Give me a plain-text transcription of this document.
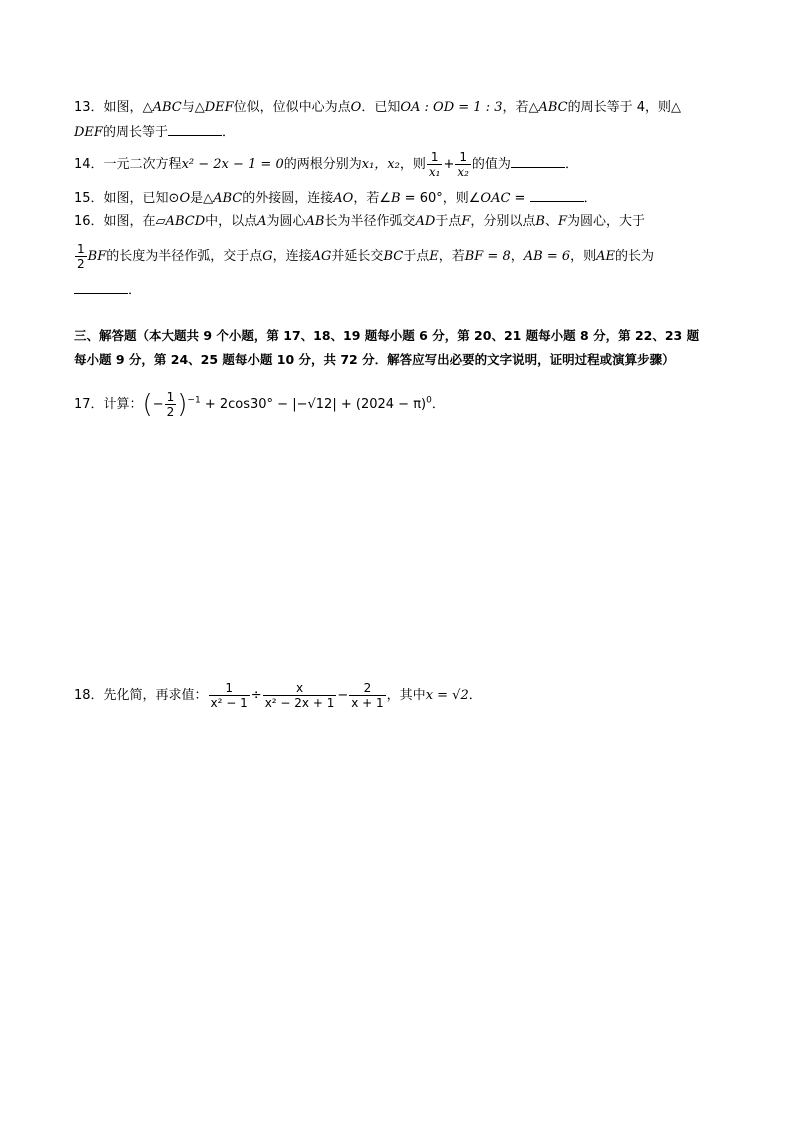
13．如图，△ABC与△DEF位似，位似中心为点O．已知OA : OD = 1 : 3，若△ABC的周长等于 4，则△
DEF的周长等于	．
14．一元二次方程x² − 2x − 1 = 0的两根分别为x₁，x₂，则 $\frac{1}{\text{x₁}} + \frac{1}{\text{x₂}}$ 的值为	．
15．如图，已知⊙O是△ABC的外接圆，连接AO，若∠B = 60°，则∠OAC =	．
16．如图，在▱ABCD中，以点A为圆心AB长为半径作弧交AD于点F，分别以点B、F为圆心，大于
$\frac{1}{2}$ BF的长度为半径作弧，交于点G，连接AG并延长交BC于点E，若BF = 8，AB = 6，则AE的长为
．
三、解答题（本大题共 9 个小题，第 17、18、19 题每小题 6 分，第 20、21 题每小题 8 分，第 22、23 题
每小题 9 分，第 24、25 题每小题 10 分，共 72 分．解答应写出必要的文字说明，证明过程或演算步骤）
17．计算：(− $\frac{1}{2} )^{-1} + 2\cos 30^\circ - |-√12| + (2024 - \pi)^0$．
18．先化简，再求值： $\frac{1}{\text{x² − 1}} \div \frac{x}{\text{x² − 2x + 1}} - \frac{2}{x + 1}$ ，其中x = √2．
